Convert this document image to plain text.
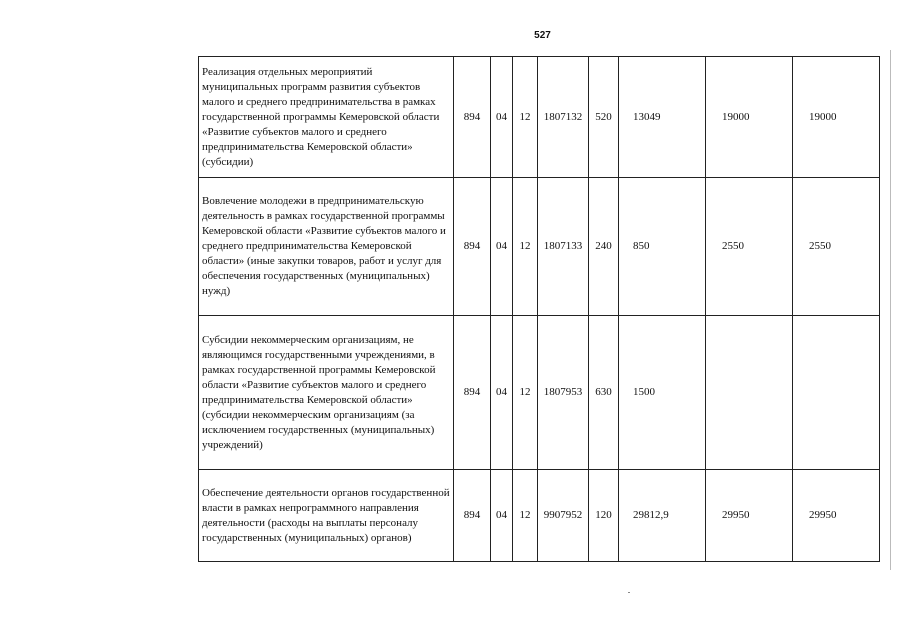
527
Реализация отдельных мероприятий муниципальных программ развития субъектов малого и среднего предпринимательства в рамках государственной программы Кемеровской области «Развитие субъектов малого и среднего предпринимательства Кемеровской области» (субсидии)	894	04	12	1807132	520	13049	19000	19000
Вовлечение молодежи в предпринимательскую деятельность в рамках государственной программы Кемеровской области «Развитие субъектов малого и среднего предпринимательства Кемеровской области» (иные закупки товаров, работ и услуг для обеспечения государственных (муниципальных) нужд)	894	04	12	1807133	240	850	2550	2550
Субсидии некоммерческим организациям, не являющимся государственными учреждениями, в рамках государственной программы Кемеровской области «Развитие субъектов малого и среднего предпринимательства Кемеровской области» (субсидии некоммерческим организациям (за исключением государственных (муниципальных) учреждений)	894	04	12	1807953	630	1500		
Обеспечение деятельности органов государственной власти в рамках непрограммного направления деятельности (расходы на выплаты персоналу государственных (муниципальных) органов)	894	04	12	9907952	120	29812,9	29950	29950
